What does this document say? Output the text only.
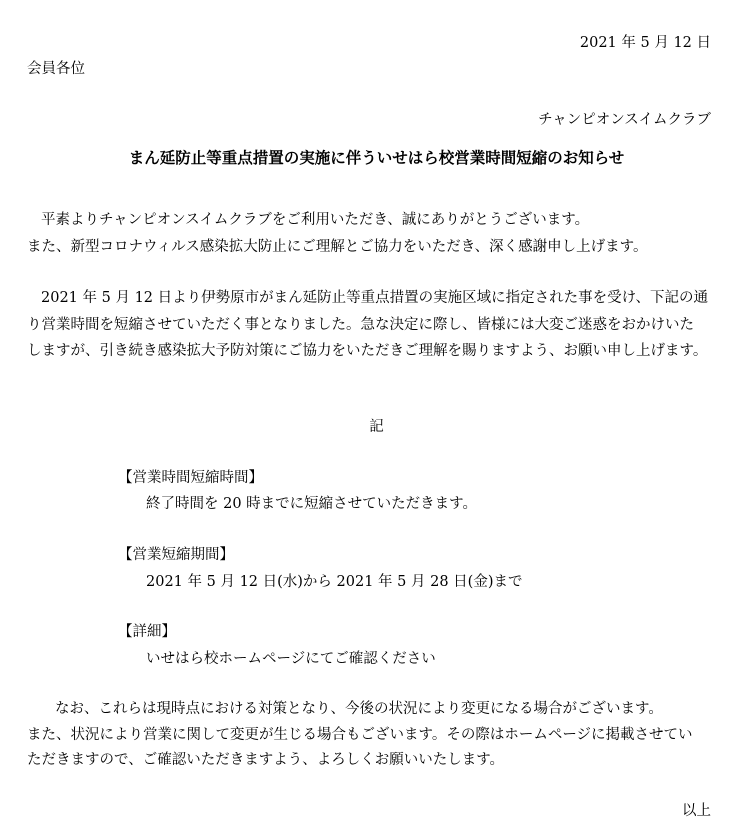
2021 年 5 月 12 日
会員各位
チャンピオンスイムクラブ
まん延防止等重点措置の実施に伴ういせはら校営業時間短縮のお知らせ
平素よりチャンピオンスイムクラブをご利用いただき、誠にありがとうございます。
また、新型コロナウィルス感染拡大防止にご理解とご協力をいただき、深く感謝申し上げます。
2021 年 5 月 12 日より伊勢原市がまん延防止等重点措置の実施区域に指定された事を受け、下記の通
り営業時間を短縮させていただく事となりました。急な決定に際し、皆様には大変ご迷惑をおかけいた
しますが、引き続き感染拡大予防対策にご協力をいただきご理解を賜りますよう、お願い申し上げます。
記
【営業時間短縮時間】
終了時間を 20 時までに短縮させていただきます。
【営業短縮期間】
2021 年 5 月 12 日(水)から 2021 年 5 月 28 日(金)まで
【詳細】
いせはら校ホームページにてご確認ください
なお、これらは現時点における対策となり、今後の状況により変更になる場合がございます。
また、状況により営業に関して変更が生じる場合もございます。その際はホームページに掲載させてい
ただきますので、ご確認いただきますよう、よろしくお願いいたします。
以上
